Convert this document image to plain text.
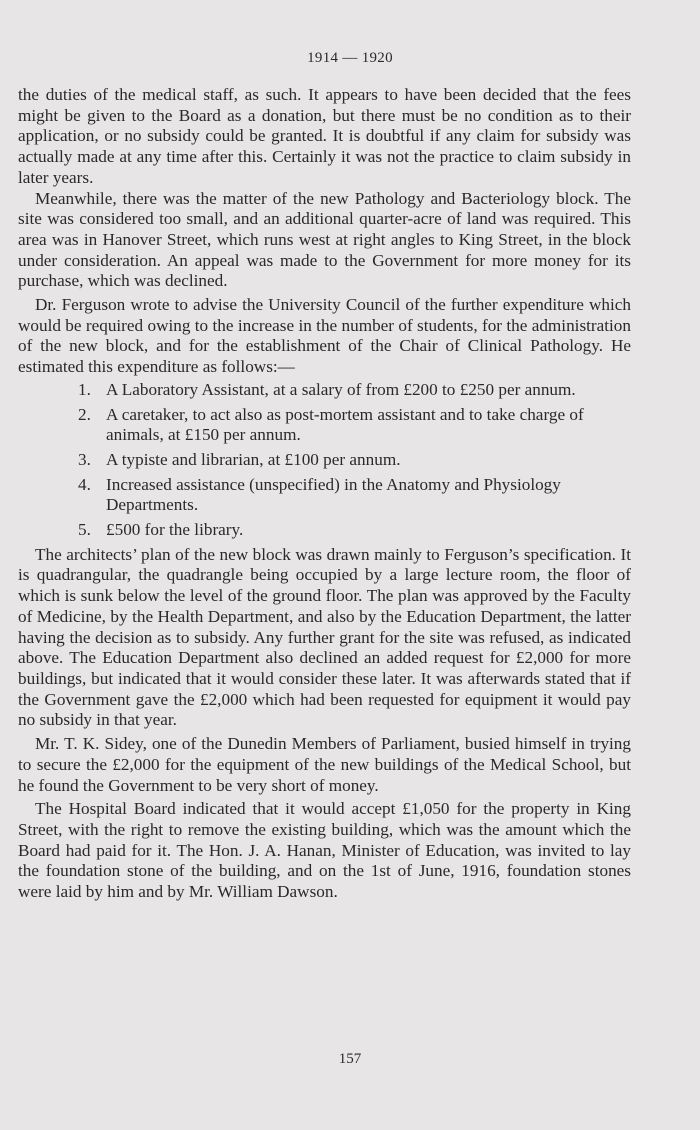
1914 — 1920

the duties of the medical staff, as such. It appears to have been decided that the fees might be given to the Board as a donation, but there must be no condition as to their application, or no subsidy could be granted. It is doubtful if any claim for subsidy was actually made at any time after this. Certainly it was not the practice to claim subsidy in later years.

Meanwhile, there was the matter of the new Pathology and Bacteriology block. The site was considered too small, and an additional quarter-acre of land was required. This area was in Hanover Street, which runs west at right angles to King Street, in the block under consideration. An appeal was made to the Government for more money for its purchase, which was declined.

Dr. Ferguson wrote to advise the University Council of the further expenditure which would be required owing to the increase in the number of students, for the administration of the new block, and for the establishment of the Chair of Clinical Pathology. He estimated this expenditure as follows:—

1. A Laboratory Assistant, at a salary of from £200 to £250 per annum.
2. A caretaker, to act also as post-mortem assistant and to take charge of animals, at £150 per annum.
3. A typiste and librarian, at £100 per annum.
4. Increased assistance (unspecified) in the Anatomy and Physiology Departments.
5. £500 for the library.

The architects’ plan of the new block was drawn mainly to Ferguson’s specification. It is quadrangular, the quadrangle being occupied by a large lecture room, the floor of which is sunk below the level of the ground floor. The plan was approved by the Faculty of Medicine, by the Health Department, and also by the Education Department, the latter having the decision as to subsidy. Any further grant for the site was refused, as indicated above. The Education Department also declined an added request for £2,000 for more buildings, but indicated that it would consider these later. It was afterwards stated that if the Government gave the £2,000 which had been requested for equipment it would pay no subsidy in that year.

Mr. T. K. Sidey, one of the Dunedin Members of Parliament, busied himself in trying to secure the £2,000 for the equipment of the new buildings of the Medical School, but he found the Government to be very short of money.

The Hospital Board indicated that it would accept £1,050 for the property in King Street, with the right to remove the existing building, which was the amount which the Board had paid for it. The Hon. J. A. Hanan, Minister of Education, was invited to lay the foundation stone of the building, and on the 1st of June, 1916, foundation stones were laid by him and by Mr. William Dawson.

157
